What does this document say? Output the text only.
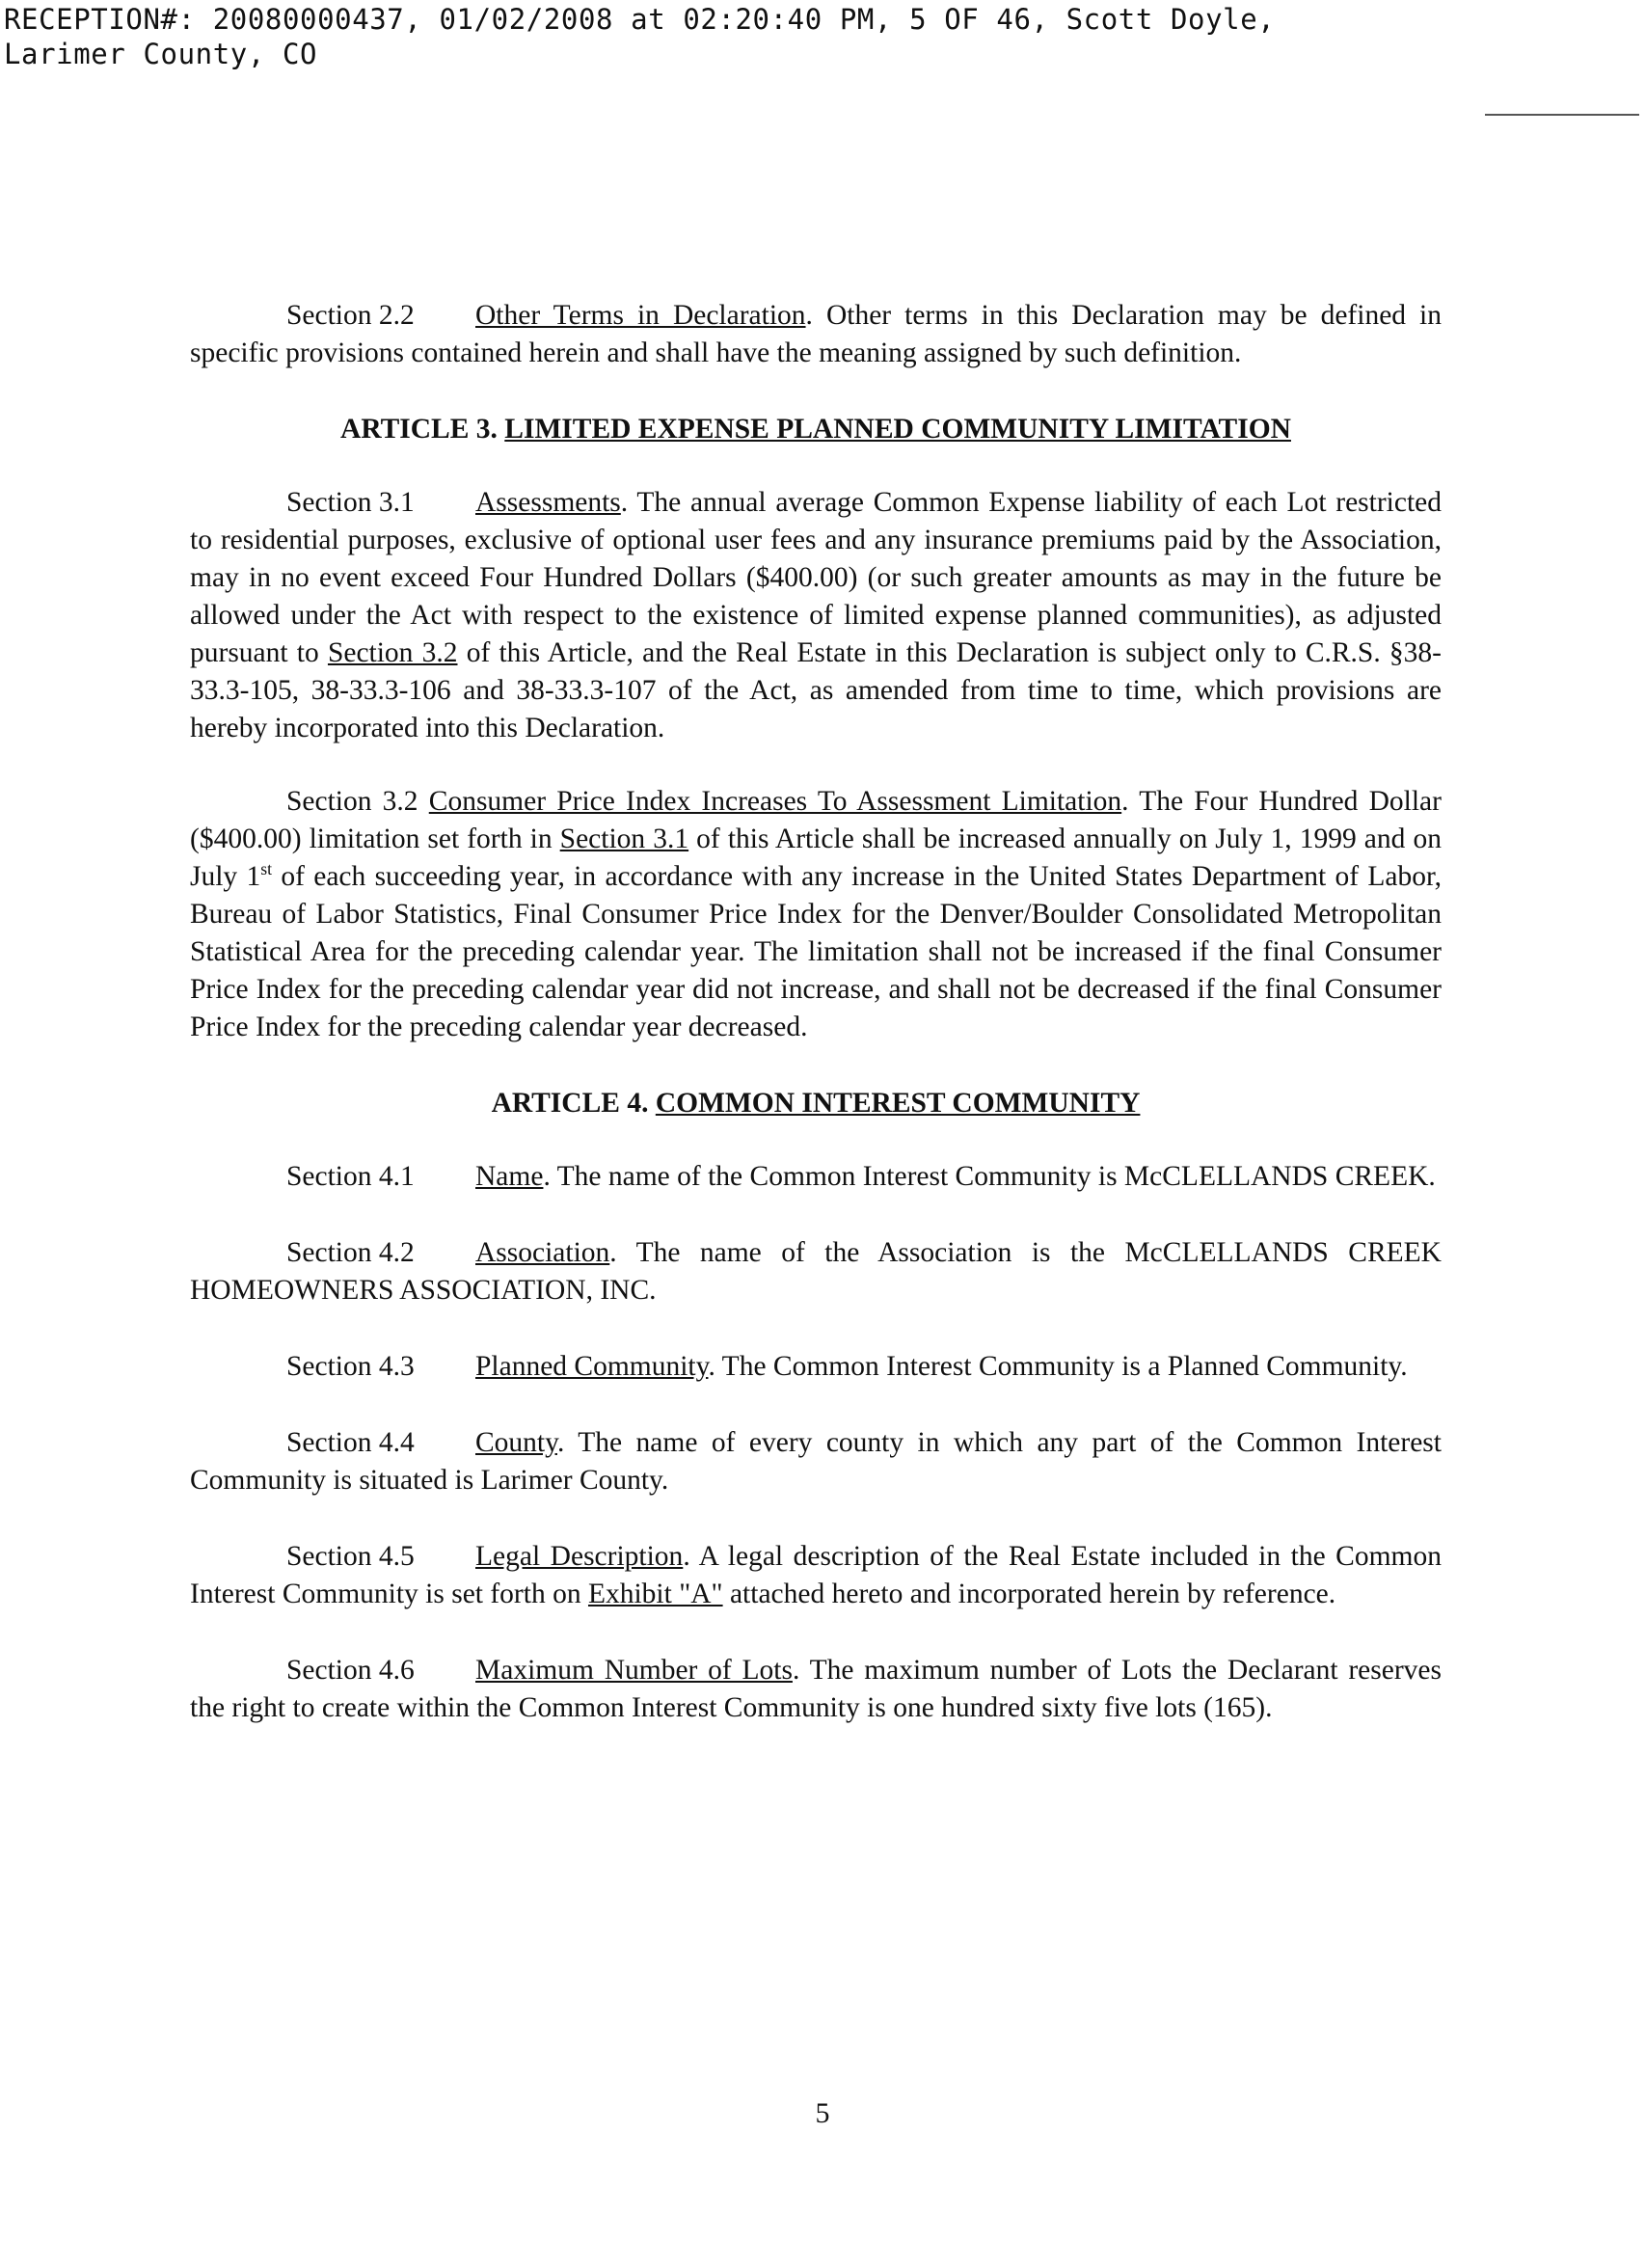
RECEPTION#: 20080000437, 01/02/2008 at 02:20:40 PM, 5 OF 46, Scott Doyle,
Larimer County, CO

Section 2.2 Other Terms in Declaration. Other terms in this Declaration may be defined in specific provisions contained herein and shall have the meaning assigned by such definition.

ARTICLE 3. LIMITED EXPENSE PLANNED COMMUNITY LIMITATION

Section 3.1 Assessments. The annual average Common Expense liability of each Lot restricted to residential purposes, exclusive of optional user fees and any insurance premiums paid by the Association, may in no event exceed Four Hundred Dollars ($400.00) (or such greater amounts as may in the future be allowed under the Act with respect to the existence of limited expense planned communities), as adjusted pursuant to Section 3.2 of this Article, and the Real Estate in this Declaration is subject only to C.R.S. §38-33.3-105, 38-33.3-106 and 38-33.3-107 of the Act, as amended from time to time, which provisions are hereby incorporated into this Declaration.

Section 3.2 Consumer Price Index Increases To Assessment Limitation. The Four Hundred Dollar ($400.00) limitation set forth in Section 3.1 of this Article shall be increased annually on July 1, 1999 and on July 1st of each succeeding year, in accordance with any increase in the United States Department of Labor, Bureau of Labor Statistics, Final Consumer Price Index for the Denver/Boulder Consolidated Metropolitan Statistical Area for the preceding calendar year. The limitation shall not be increased if the final Consumer Price Index for the preceding calendar year did not increase, and shall not be decreased if the final Consumer Price Index for the preceding calendar year decreased.

ARTICLE 4. COMMON INTEREST COMMUNITY

Section 4.1 Name. The name of the Common Interest Community is McCLELLANDS CREEK.

Section 4.2 Association. The name of the Association is the McCLELLANDS CREEK HOMEOWNERS ASSOCIATION, INC.

Section 4.3 Planned Community. The Common Interest Community is a Planned Community.

Section 4.4 County. The name of every county in which any part of the Common Interest Community is situated is Larimer County.

Section 4.5 Legal Description. A legal description of the Real Estate included in the Common Interest Community is set forth on Exhibit "A" attached hereto and incorporated herein by reference.

Section 4.6 Maximum Number of Lots. The maximum number of Lots the Declarant reserves the right to create within the Common Interest Community is one hundred sixty five lots (165).

5
